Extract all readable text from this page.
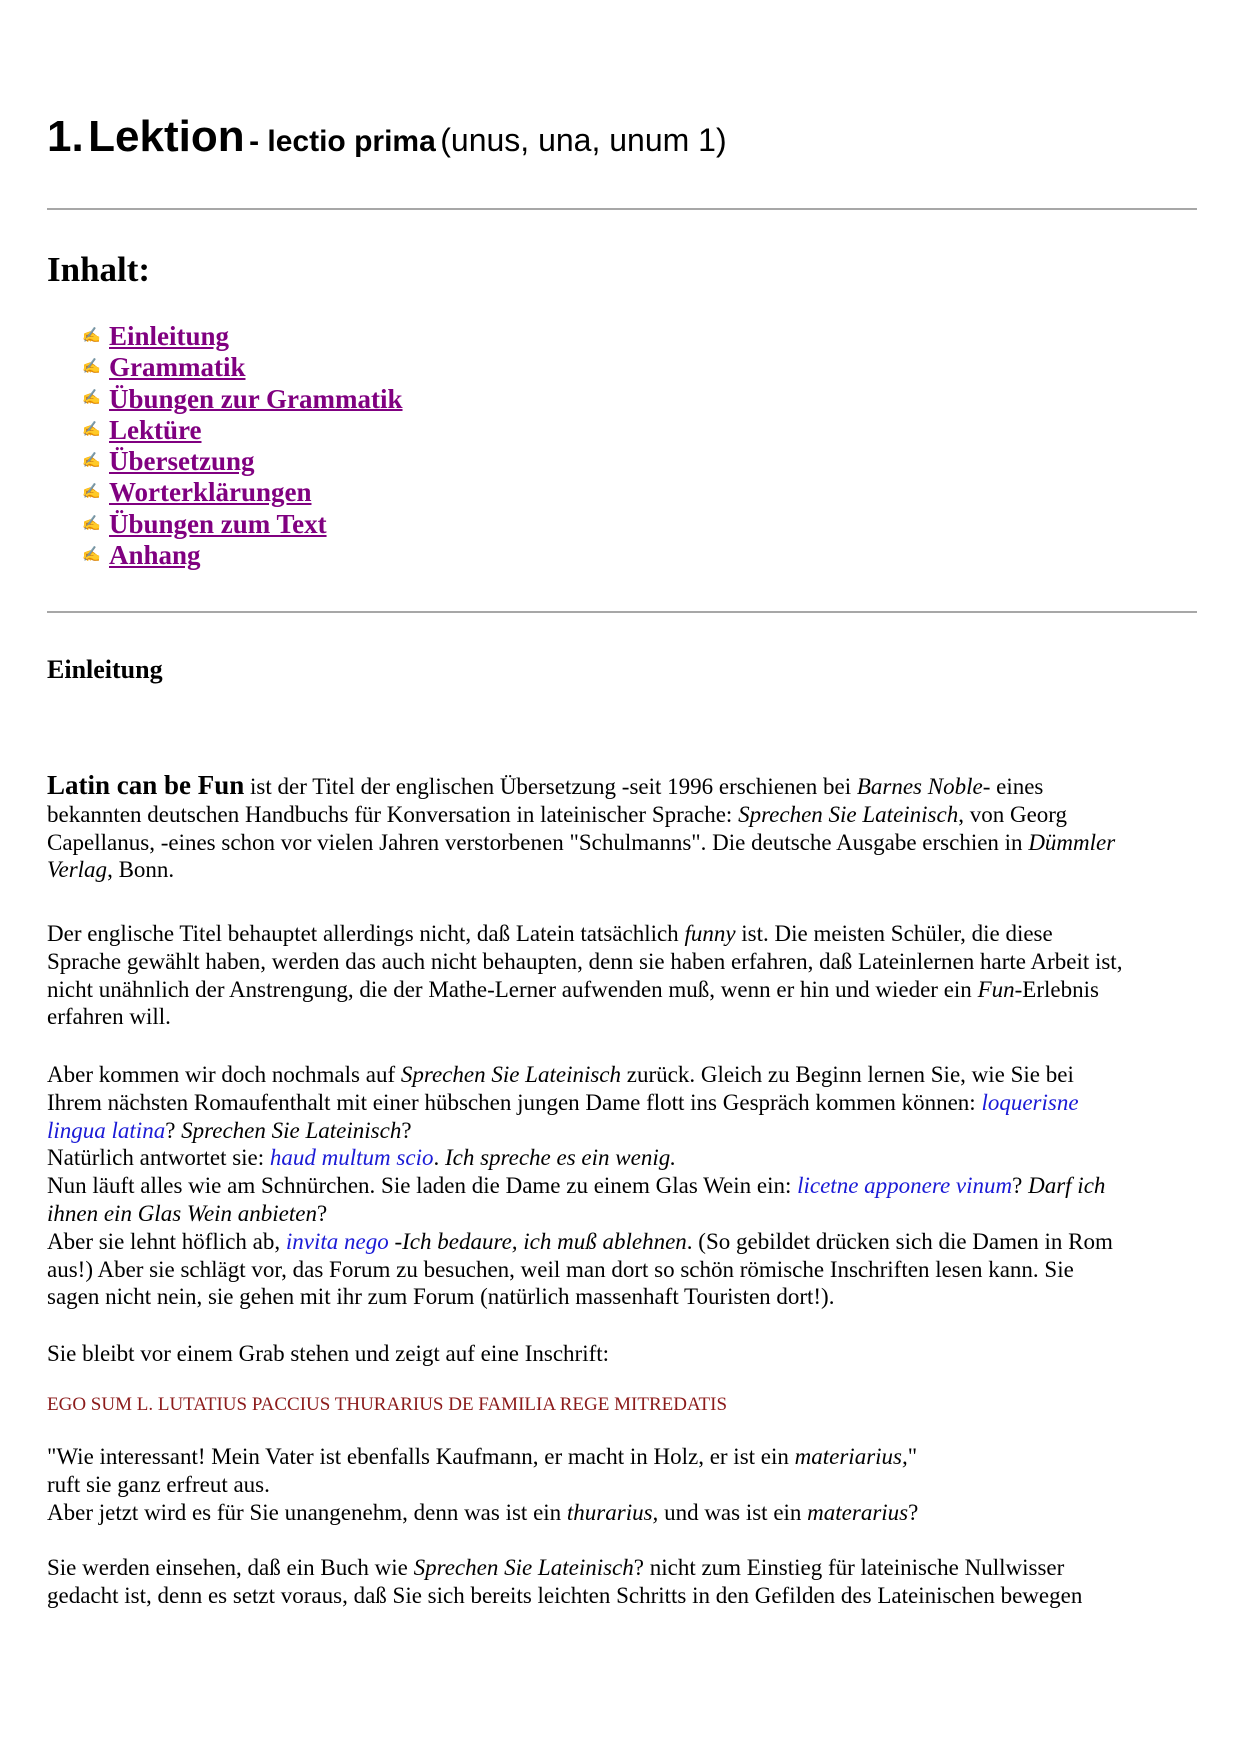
1. Lektion - lectio prima (unus, una, unum 1)
Inhalt:
✍ Einleitung
✍ Grammatik
✍ Übungen zur Grammatik
✍ Lektüre
✍ Übersetzung
✍ Worterklärungen
✍ Übungen zum Text
✍ Anhang
Einleitung
Latin can be Fun ist der Titel der englischen Übersetzung -seit 1996 erschienen bei Barnes Noble- eines
bekannten deutschen Handbuchs für Konversation in lateinischer Sprache: Sprechen Sie Lateinisch, von Georg
Capellanus, -eines schon vor vielen Jahren verstorbenen "Schulmanns". Die deutsche Ausgabe erschien in Dümmler
Verlag, Bonn.
Der englische Titel behauptet allerdings nicht, daß Latein tatsächlich funny ist. Die meisten Schüler, die diese
Sprache gewählt haben, werden das auch nicht behaupten, denn sie haben erfahren, daß Lateinlernen harte Arbeit ist,
nicht unähnlich der Anstrengung, die der Mathe-Lerner aufwenden muß, wenn er hin und wieder ein Fun-Erlebnis
erfahren will.
Aber kommen wir doch nochmals auf Sprechen Sie Lateinisch zurück. Gleich zu Beginn lernen Sie, wie Sie bei
Ihrem nächsten Romaufenthalt mit einer hübschen jungen Dame flott ins Gespräch kommen können: loquerisne
lingua latina? Sprechen Sie Lateinisch?
Natürlich antwortet sie: haud multum scio. Ich spreche es ein wenig.
Nun läuft alles wie am Schnürchen. Sie laden die Dame zu einem Glas Wein ein: licetne apponere vinum? Darf ich
ihnen ein Glas Wein anbieten?
Aber sie lehnt höflich ab, invita nego -Ich bedaure, ich muß ablehnen. (So gebildet drücken sich die Damen in Rom
aus!) Aber sie schlägt vor, das Forum zu besuchen, weil man dort so schön römische Inschriften lesen kann. Sie
sagen nicht nein, sie gehen mit ihr zum Forum (natürlich massenhaft Touristen dort!).
Sie bleibt vor einem Grab stehen und zeigt auf eine Inschrift:
EGO SUM L. LUTATIUS PACCIUS THURARIUS DE FAMILIA REGE MITREDATIS
"Wie interessant! Mein Vater ist ebenfalls Kaufmann, er macht in Holz, er ist ein materiarius,"
ruft sie ganz erfreut aus.
Aber jetzt wird es für Sie unangenehm, denn was ist ein thurarius, und was ist ein materarius?
Sie werden einsehen, daß ein Buch wie Sprechen Sie Lateinisch? nicht zum Einstieg für lateinische Nullwisser
gedacht ist, denn es setzt voraus, daß Sie sich bereits leichten Schritts in den Gefilden des Lateinischen bewegen
